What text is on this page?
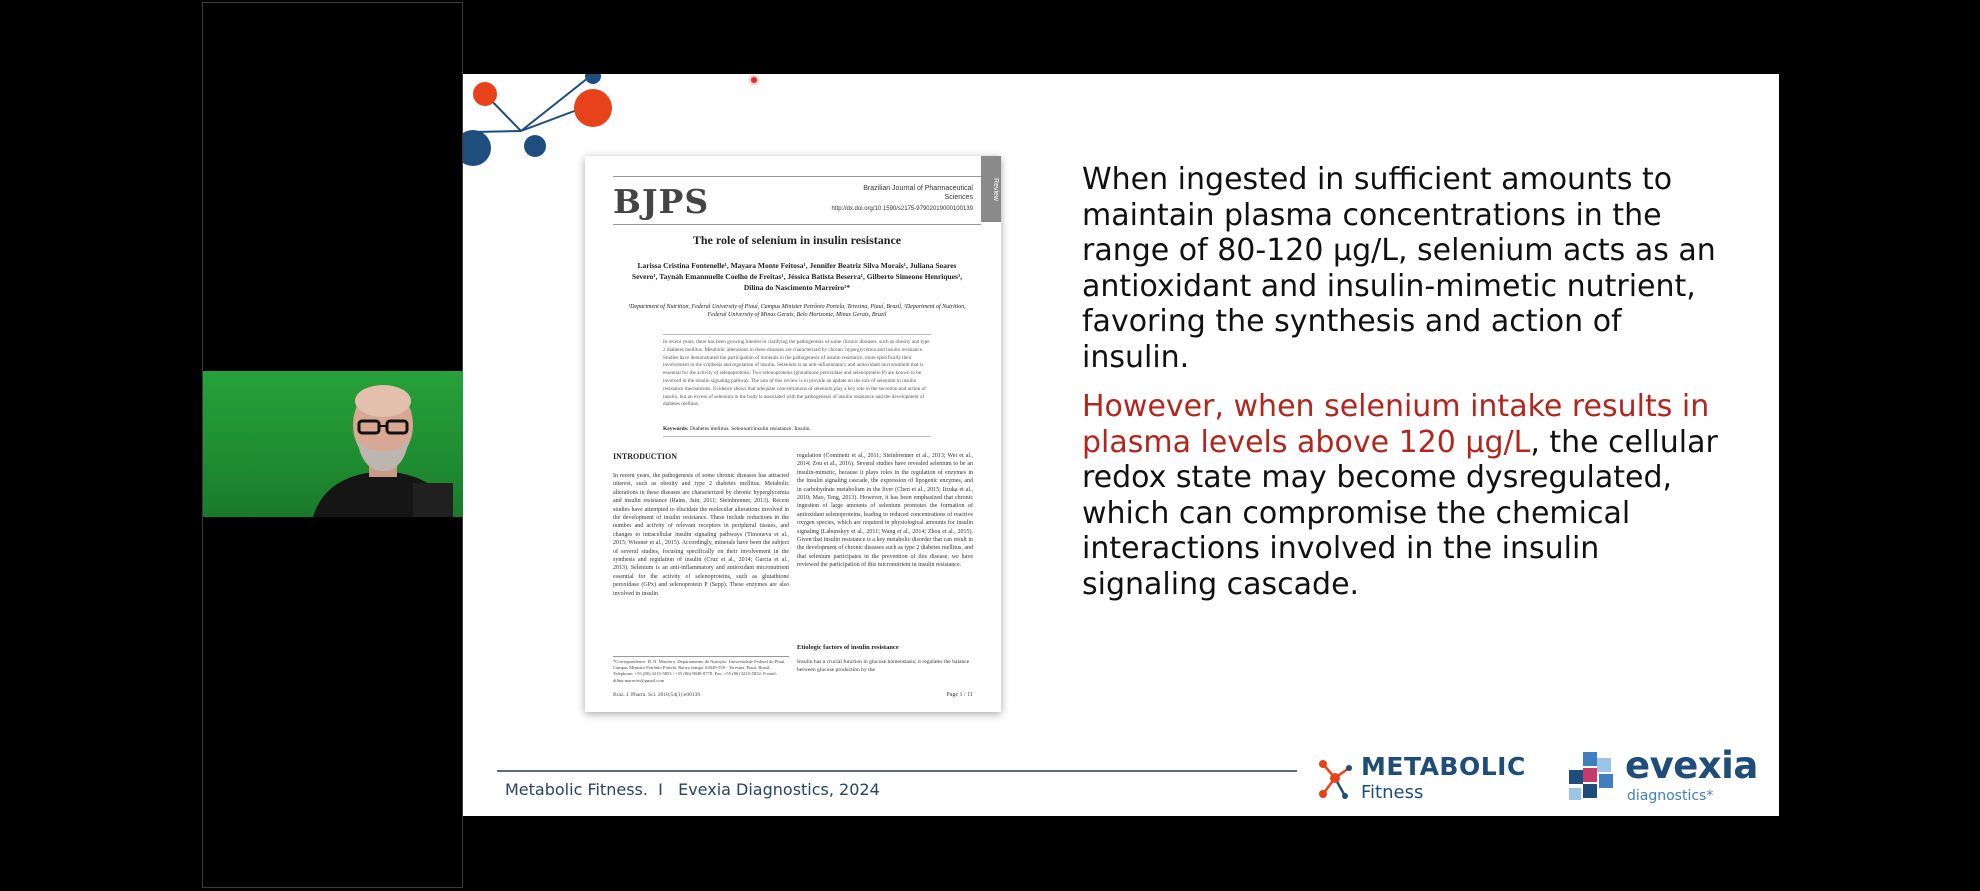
BJPS	Brazilian Journal of Pharmaceutical Sciences
http://dx.doi.org/10.1590/s2175-97902019000100139
Review
The role of selenium in insulin resistance
Larissa Cristina Fontenelle¹, Mayara Monte Feitosa¹, Jennifer Beatriz Silva Morais¹, Juliana Soares Severo¹, Taynáh Emannuelle Coelho de Freitas¹, Jéssica Batista Beserra¹, Gilberto Simeone Henriques², Dilina do Nascimento Marreiro¹*
¹Department of Nutrition, Federal University of Piauí, Campus Minister Petrônio Portela, Teresina, Piauí, Brazil, ²Department of Nutrition, Federal University of Minas Gerais, Belo Horizonte, Minas Gerais, Brazil
In recent years, there has been growing interest in clarifying the pathogenesis of some chronic diseases, such as obesity and type 2 diabetes mellitus. Metabolic alterations in these diseases are characterized by chronic hyperglycemia and insulin resistance. Studies have demonstrated the participation of minerals in the pathogenesis of insulin resistance, more specifically their involvement in the synthesis and regulation of insulin. Selenium is an anti-inflammatory and antioxidant micronutrient that is essential for the activity of selenoproteins. Two selenoproteins (glutathione peroxidase and selenoprotein P) are known to be involved in the insulin signaling pathway. The aim of this review is to provide an update on the role of selenium in insulin resistance mechanisms. Evidence shows that adequate concentrations of selenium play a key role in the secretion and action of insulin, but an excess of selenium in the body is associated with the pathogenesis of insulin resistance and the development of diabetes mellitus.
Keywords: Diabetes mellitus. Selenium/insulin resistance. Insulin.
INTRODUCTION
In recent years, the pathogenesis of some chronic diseases has attracted interest, such as obesity and type 2 diabetes mellitus. Metabolic alterations in these diseases are characterized by chronic hyperglycemia and insulin resistance (Rains, Jain, 2011; Steinbrenner, 2013). Recent studies have attempted to elucidate the molecular alterations involved in the development of insulin resistance. These include reductions in the number and activity of relevant receptors in peripheral tissues, and changes to intracellular insulin signaling pathways (Timoneva et al., 2015; Wiesner et al., 2015). Accordingly, minerals have been the subject of several studies, focusing specifically on their involvement in the synthesis and regulation of insulin (Cruz et al., 2014; Garcia et al., 2013). Selenium is an anti-inflammatory and antioxidant micronutrient essential for the activity of selenoproteins, such as glutathione peroxidase (GPx) and selenoprotein P (Sepp). These enzymes are also involved in insulin
regulation (Cominetti et al., 2011; Steinbrenner et al., 2013; Wei et al., 2014; Zou et al., 2016). Several studies have revealed selenium to be an insulin-mimetic, because it plays roles in the regulation of enzymes in the insulin signaling cascade, the expression of lipogenic enzymes, and in carbohydrate metabolism in the liver (Chen et al., 2015; Iizuka et al., 2010; Mao, Teng, 2013). However, it has been emphasized that chronic ingestion of large amounts of selenium promotes the formation of antioxidant selenoproteins, leading to reduced concentrations of reactive oxygen species, which are required in physiological amounts for insulin signaling (Labunskyy et al., 2011; Wang et al., 2014; Zhou et al., 2015). Given that insulin resistance is a key metabolic disorder that can result in the development of chronic diseases such as type 2 diabetes mellitus, and that selenium participates in the prevention of this disease, we have reviewed the participation of this micronutrient in insulin resistance.
Etiologic factors of insulin resistance
Insulin has a crucial function in glucose homeostasis; it regulates the balance between glucose production by the
*Correspondence: D. N. Marreiro. Departamento de Nutrição. Universidade Federal do Piauí. Campus Ministro Petrônio Portela. Bairro Ininga. 64049-550 - Teresina, Piauí, Brasil. Telephone: +55 (86) 3215-5853 / +55 (86) 9848-8778. Fax: +55 (86) 3215-5852. E-mail: dilina.marreiro@gmail.com
Braz. J. Pharm. Sci. 2018;54(1):e00139	Page 1 / 11

When ingested in sufficient amounts to maintain plasma concentrations in the range of 80-120 µg/L, selenium acts as an antioxidant and insulin-mimetic nutrient, favoring the synthesis and action of insulin.

However, when selenium intake results in plasma levels above 120 µg/L, the cellular redox state may become dysregulated, which can compromise the chemical interactions involved in the insulin signaling cascade.

Metabolic Fitness.  I   Evexia Diagnostics, 2024
METABOLIC
Fitness
evexia
diagnostics*
